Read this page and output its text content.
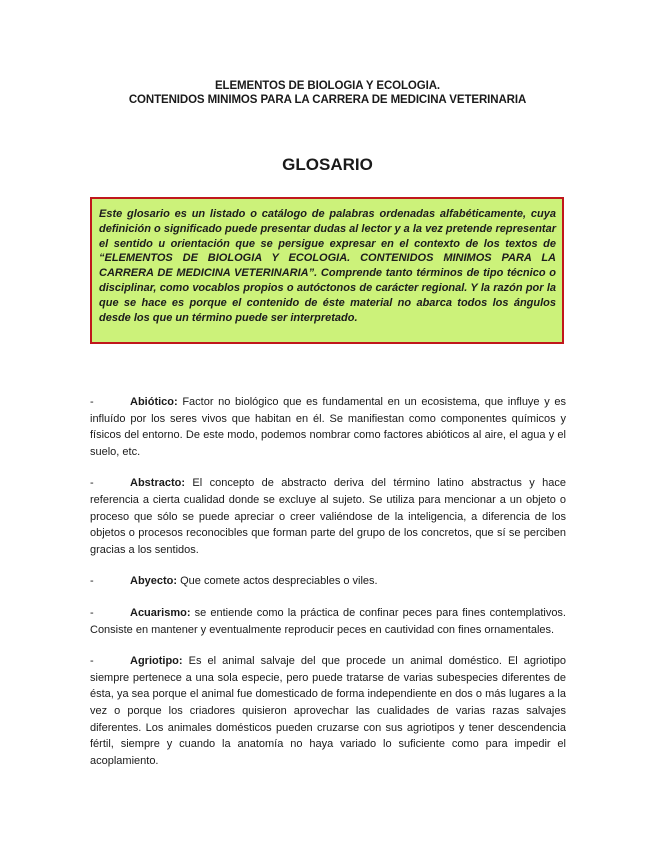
ELEMENTOS DE BIOLOGIA Y ECOLOGIA.
CONTENIDOS MINIMOS PARA LA CARRERA DE MEDICINA VETERINARIA
GLOSARIO
Este glosario es un listado o catálogo de palabras ordenadas alfabéticamente, cuya definición o significado puede presentar dudas al lector y a la vez pretende representar el sentido u orientación que se persigue expresar en el contexto de los textos de “ELEMENTOS DE BIOLOGIA Y ECOLOGIA. CONTENIDOS MINIMOS PARA LA CARRERA DE MEDICINA VETERINARIA”. Comprende tanto términos de tipo técnico o disciplinar, como vocablos propios o autóctonos de carácter regional. Y la razón por la que se hace es porque el contenido de éste material no abarca todos los ángulos desde los que un término puede ser interpretado.

-	Abiótico: Factor no biológico que es fundamental en un ecosistema, que influye y es influído por los seres vivos que habitan en él. Se manifiestan como componentes químicos y físicos del entorno. De este modo, podemos nombrar como factores abióticos al aire, el agua y el suelo, etc.

-	Abstracto: El concepto de abstracto deriva del término latino abstractus y hace referencia a cierta cualidad donde se excluye al sujeto. Se utiliza para mencionar a un objeto o proceso que sólo se puede apreciar o creer valiéndose de la inteligencia, a diferencia de los objetos o procesos reconocibles que forman parte del grupo de los concretos, que sí se perciben gracias a los sentidos.

-	Abyecto: Que comete actos despreciables o viles.

-	Acuarismo: se entiende como la práctica de confinar peces para fines contemplativos. Consiste en mantener y eventualmente reproducir peces en cautividad con fines ornamentales.

-	Agriotipo: Es el animal salvaje del que procede un animal doméstico. El agriotipo siempre pertenece a una sola especie, pero puede tratarse de varias subespecies diferentes de ésta, ya sea porque el animal fue domesticado de forma independiente en dos o más lugares a la vez o porque los criadores quisieron aprovechar las cualidades de varias razas salvajes diferentes. Los animales domésticos pueden cruzarse con sus agriotipos y tener descendencia fértil, siempre y cuando la anatomía no haya variado lo suficiente como para impedir el acoplamiento.
